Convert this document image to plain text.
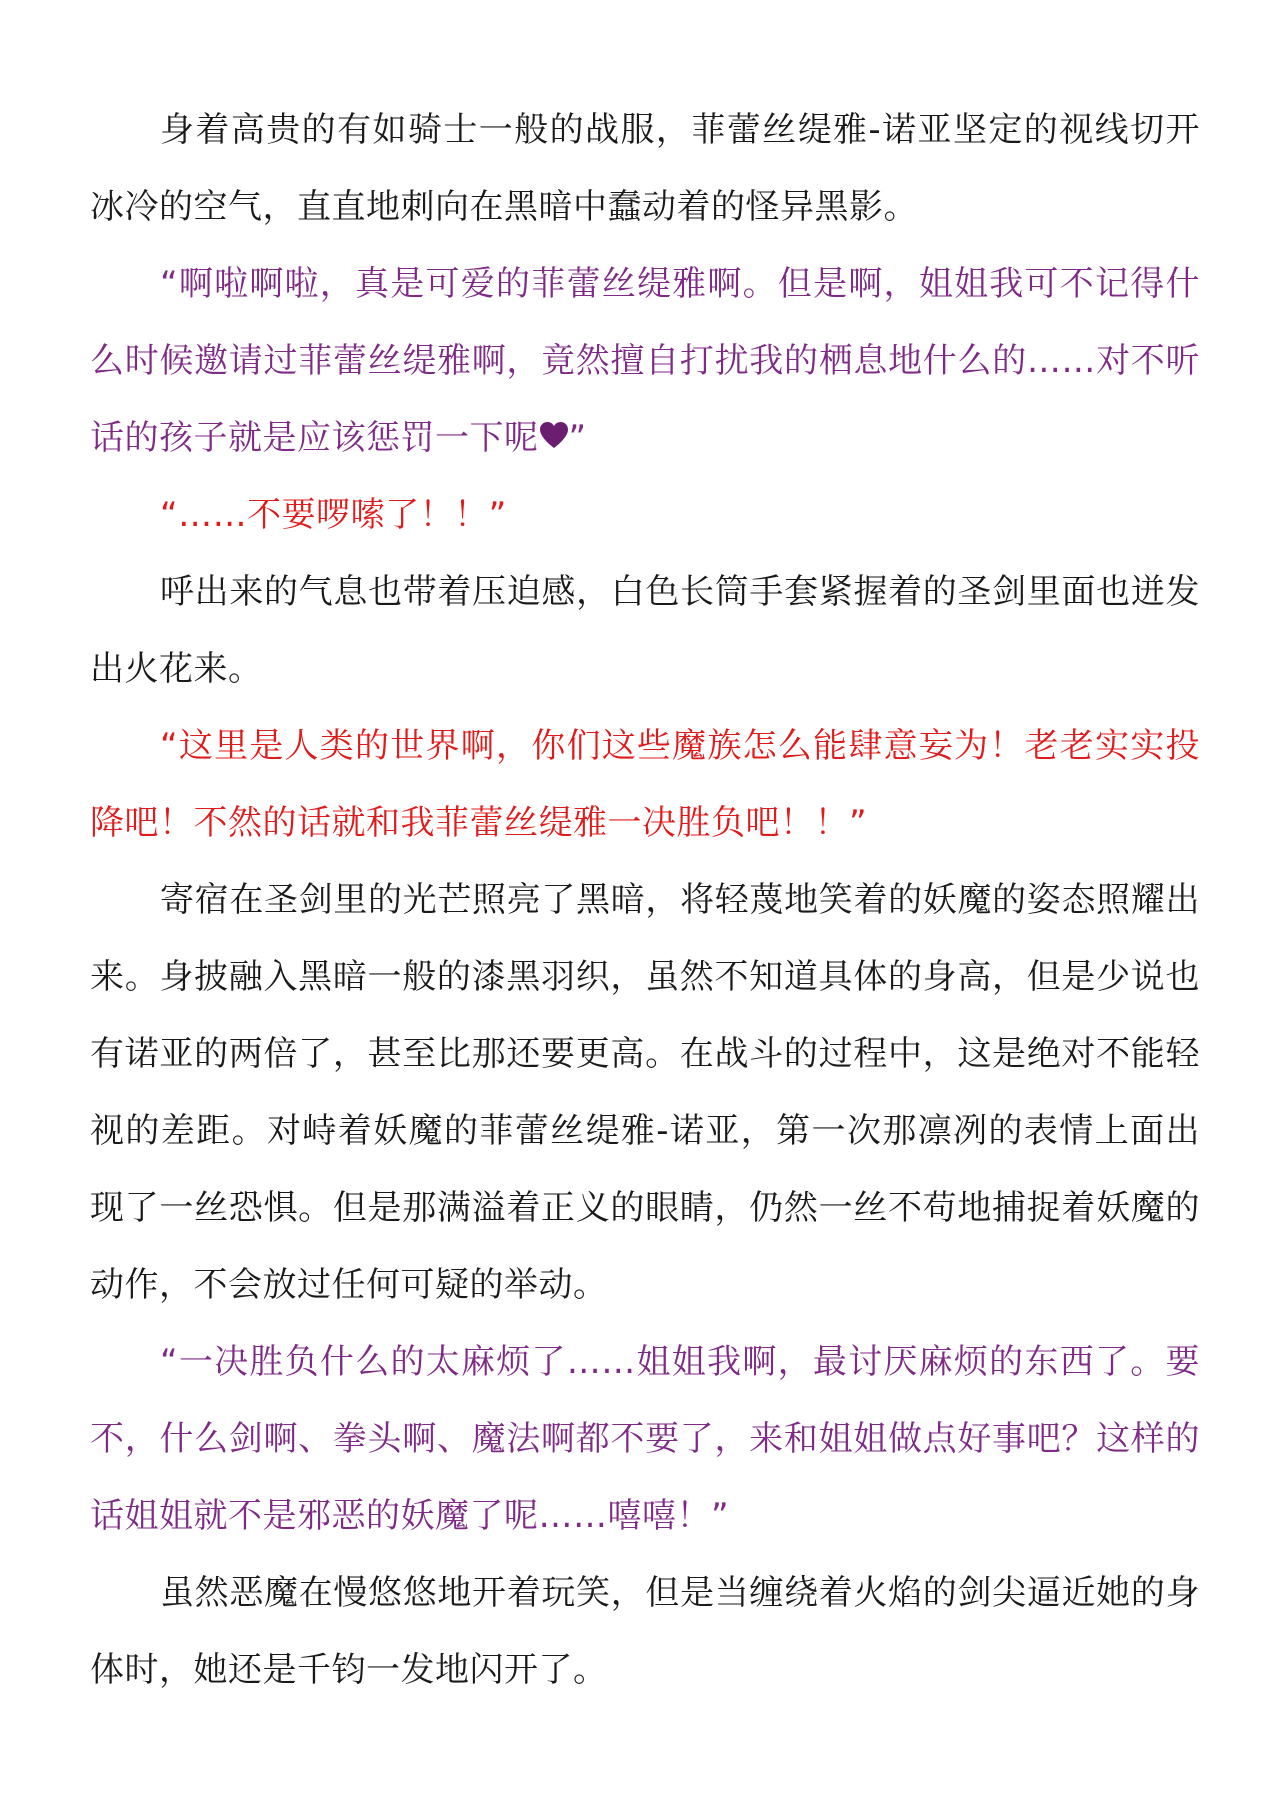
身着高贵的有如骑士一般的战服，菲蕾丝缇雅-诺亚坚定的视线切开冰冷的空气，直直地刺向在黑暗中蠢动着的怪异黑影。

“啊啦啊啦，真是可爱的菲蕾丝缇雅啊。但是啊，姐姐我可不记得什么时候邀请过菲蕾丝缇雅啊，竟然擅自打扰我的栖息地什么的……对不听话的孩子就是应该惩罚一下呢 ”

“……不要啰嗦了！！”

呼出来的气息也带着压迫感，白色长筒手套紧握着的圣剑里面也迸发出火花来。

“这里是人类的世界啊，你们这些魔族怎么能肆意妄为！老老实实投降吧！不然的话就和我菲蕾丝缇雅一决胜负吧！！”

寄宿在圣剑里的光芒照亮了黑暗，将轻蔑地笑着的妖魔的姿态照耀出来。身披融入黑暗一般的漆黑羽织，虽然不知道具体的身高，但是少说也有诺亚的两倍了，甚至比那还要更高。在战斗的过程中，这是绝对不能轻视的差距。对峙着妖魔的菲蕾丝缇雅-诺亚，第一次那凛冽的表情上面出现了一丝恐惧。但是那满溢着正义的眼睛，仍然一丝不苟地捕捉着妖魔的动作，不会放过任何可疑的举动。

“一决胜负什么的太麻烦了……姐姐我啊，最讨厌麻烦的东西了。要不，什么剑啊、拳头啊、魔法啊都不要了，来和姐姐做点好事吧？这样的话姐姐就不是邪恶的妖魔了呢……嘻嘻！”

虽然恶魔在慢悠悠地开着玩笑，但是当缠绕着火焰的剑尖逼近她的身体时，她还是千钧一发地闪开了。
